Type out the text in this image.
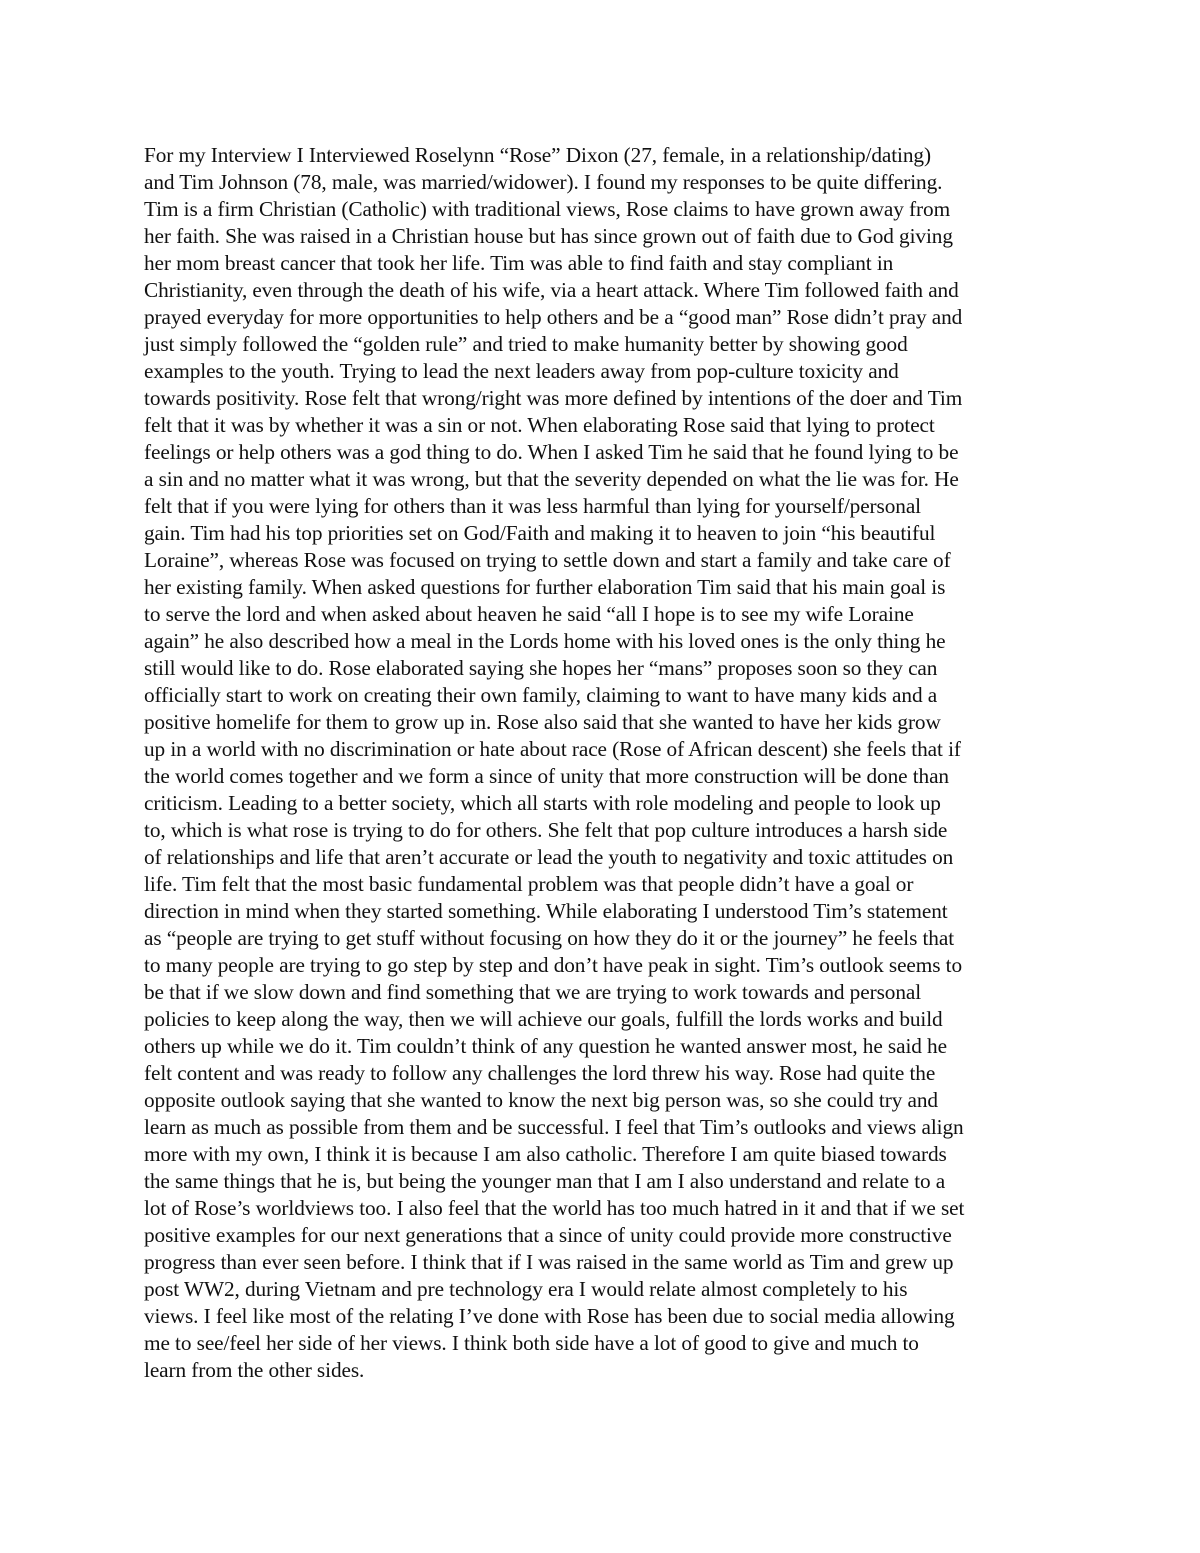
For my Interview I Interviewed Roselynn “Rose” Dixon (27, female, in a relationship/dating)
and Tim Johnson (78, male, was married/widower). I found my responses to be quite differing.
Tim is a firm Christian (Catholic) with traditional views, Rose claims to have grown away from
her faith. She was raised in a Christian house but has since grown out of faith due to God giving
her mom breast cancer that took her life. Tim was able to find faith and stay compliant in
Christianity, even through the death of his wife, via a heart attack. Where Tim followed faith and
prayed everyday for more opportunities to help others and be a “good man” Rose didn’t pray and
just simply followed the “golden rule” and tried to make humanity better by showing good
examples to the youth. Trying to lead the next leaders away from pop-culture toxicity and
towards positivity. Rose felt that wrong/right was more defined by intentions of the doer and Tim
felt that it was by whether it was a sin or not. When elaborating Rose said that lying to protect
feelings or help others was a god thing to do. When I asked Tim he said that he found lying to be
a sin and no matter what it was wrong, but that the severity depended on what the lie was for. He
felt that if you were lying for others than it was less harmful than lying for yourself/personal
gain. Tim had his top priorities set on God/Faith and making it to heaven to join “his beautiful
Loraine”, whereas Rose was focused on trying to settle down and start a family and take care of
her existing family. When asked questions for further elaboration Tim said that his main goal is
to serve the lord and when asked about heaven he said “all I hope is to see my wife Loraine
again” he also described how a meal in the Lords home with his loved ones is the only thing he
still would like to do. Rose elaborated saying she hopes her “mans” proposes soon so they can
officially start to work on creating their own family, claiming to want to have many kids and a
positive homelife for them to grow up in. Rose also said that she wanted to have her kids grow
up in a world with no discrimination or hate about race (Rose of African descent) she feels that if
the world comes together and we form a since of unity that more construction will be done than
criticism. Leading to a better society, which all starts with role modeling and people to look up
to, which is what rose is trying to do for others. She felt that pop culture introduces a harsh side
of relationships and life that aren’t accurate or lead the youth to negativity and toxic attitudes on
life. Tim felt that the most basic fundamental problem was that people didn’t have a goal or
direction in mind when they started something. While elaborating I understood Tim’s statement
as “people are trying to get stuff without focusing on how they do it or the journey” he feels that
to many people are trying to go step by step and don’t have peak in sight. Tim’s outlook seems to
be that if we slow down and find something that we are trying to work towards and personal
policies to keep along the way, then we will achieve our goals, fulfill the lords works and build
others up while we do it. Tim couldn’t think of any question he wanted answer most, he said he
felt content and was ready to follow any challenges the lord threw his way. Rose had quite the
opposite outlook saying that she wanted to know the next big person was, so she could try and
learn as much as possible from them and be successful. I feel that Tim’s outlooks and views align
more with my own, I think it is because I am also catholic. Therefore I am quite biased towards
the same things that he is, but being the younger man that I am I also understand and relate to a
lot of Rose’s worldviews too. I also feel that the world has too much hatred in it and that if we set
positive examples for our next generations that a since of unity could provide more constructive
progress than ever seen before. I think that if I was raised in the same world as Tim and grew up
post WW2, during Vietnam and pre technology era I would relate almost completely to his
views. I feel like most of the relating I’ve done with Rose has been due to social media allowing
me to see/feel her side of her views. I think both side have a lot of good to give and much to
learn from the other sides.
